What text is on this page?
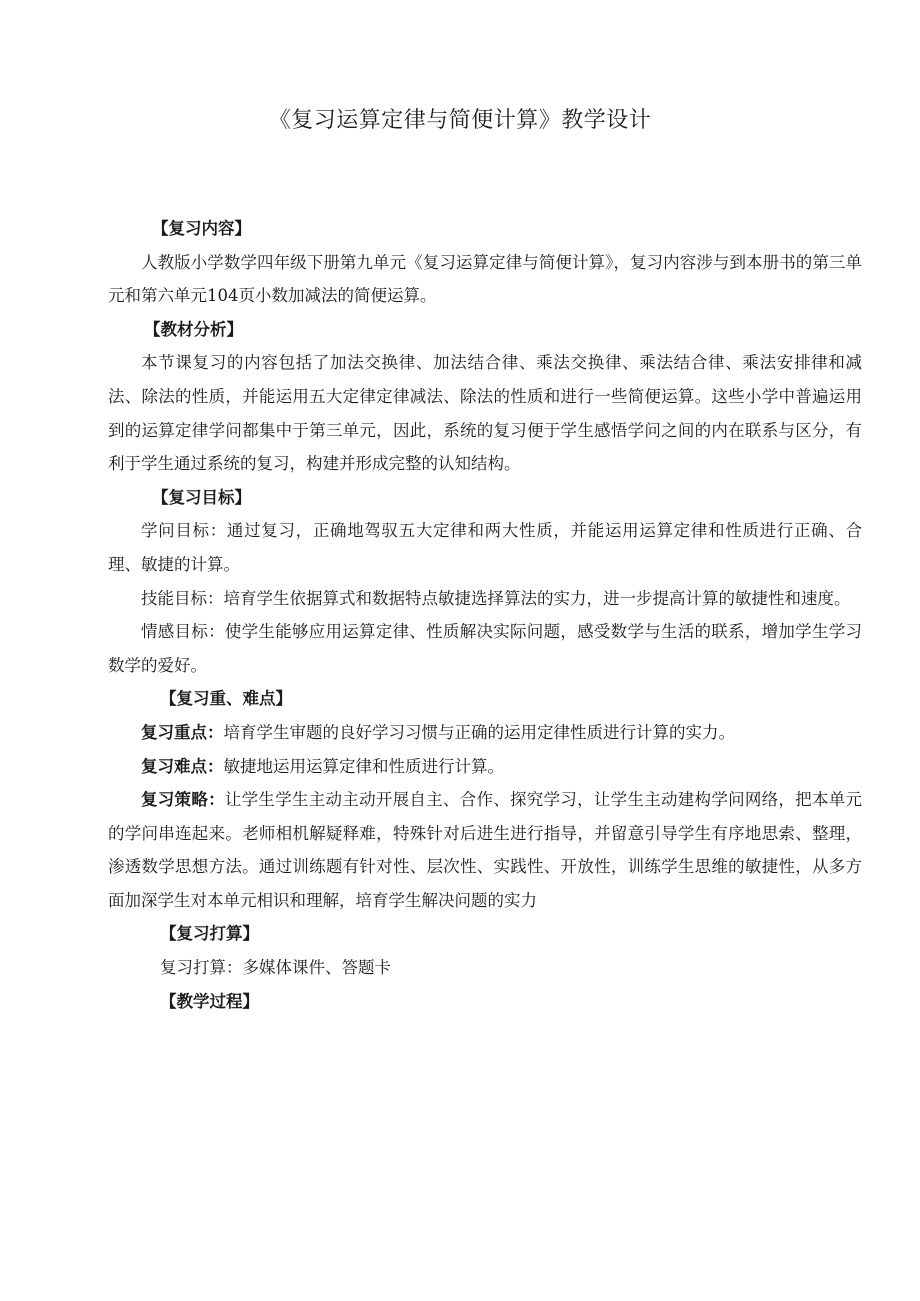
《复习运算定律与简便计算》教学设计
【复习内容】

人教版小学数学四年级下册第九单元《复习运算定律与简便计算》，复习内容涉与到本册书的第三单元和第六单元104页小数加减法的简便运算。

【教材分析】

本节课复习的内容包括了加法交换律、加法结合律、乘法交换律、乘法结合律、乘法安排律和减法、除法的性质，并能运用五大定律定律减法、除法的性质和进行一些简便运算。这些小学中普遍运用到的运算定律学问都集中于第三单元，因此，系统的复习便于学生感悟学问之间的内在联系与区分，有利于学生通过系统的复习，构建并形成完整的认知结构。

【复习目标】

学问目标：通过复习，正确地驾驭五大定律和两大性质，并能运用运算定律和性质进行正确、合理、敏捷的计算。

技能目标：培育学生依据算式和数据特点敏捷选择算法的实力，进一步提高计算的敏捷性和速度。

情感目标：使学生能够应用运算定律、性质解决实际问题，感受数学与生活的联系，增加学生学习数学的爱好。

【复习重、难点】

复习重点：培育学生审题的良好学习习惯与正确的运用定律性质进行计算的实力。

复习难点：敏捷地运用运算定律和性质进行计算。

复习策略：让学生学生主动主动开展自主、合作、探究学习，让学生主动建构学问网络，把本单元的学问串连起来。老师相机解疑释难，特殊针对后进生进行指导，并留意引导学生有序地思索、整理，渗透数学思想方法。通过训练题有针对性、层次性、实践性、开放性，训练学生思维的敏捷性，从多方面加深学生对本单元相识和理解，培育学生解决问题的实力

【复习打算】

复习打算：多媒体课件、答题卡

【教学过程】
